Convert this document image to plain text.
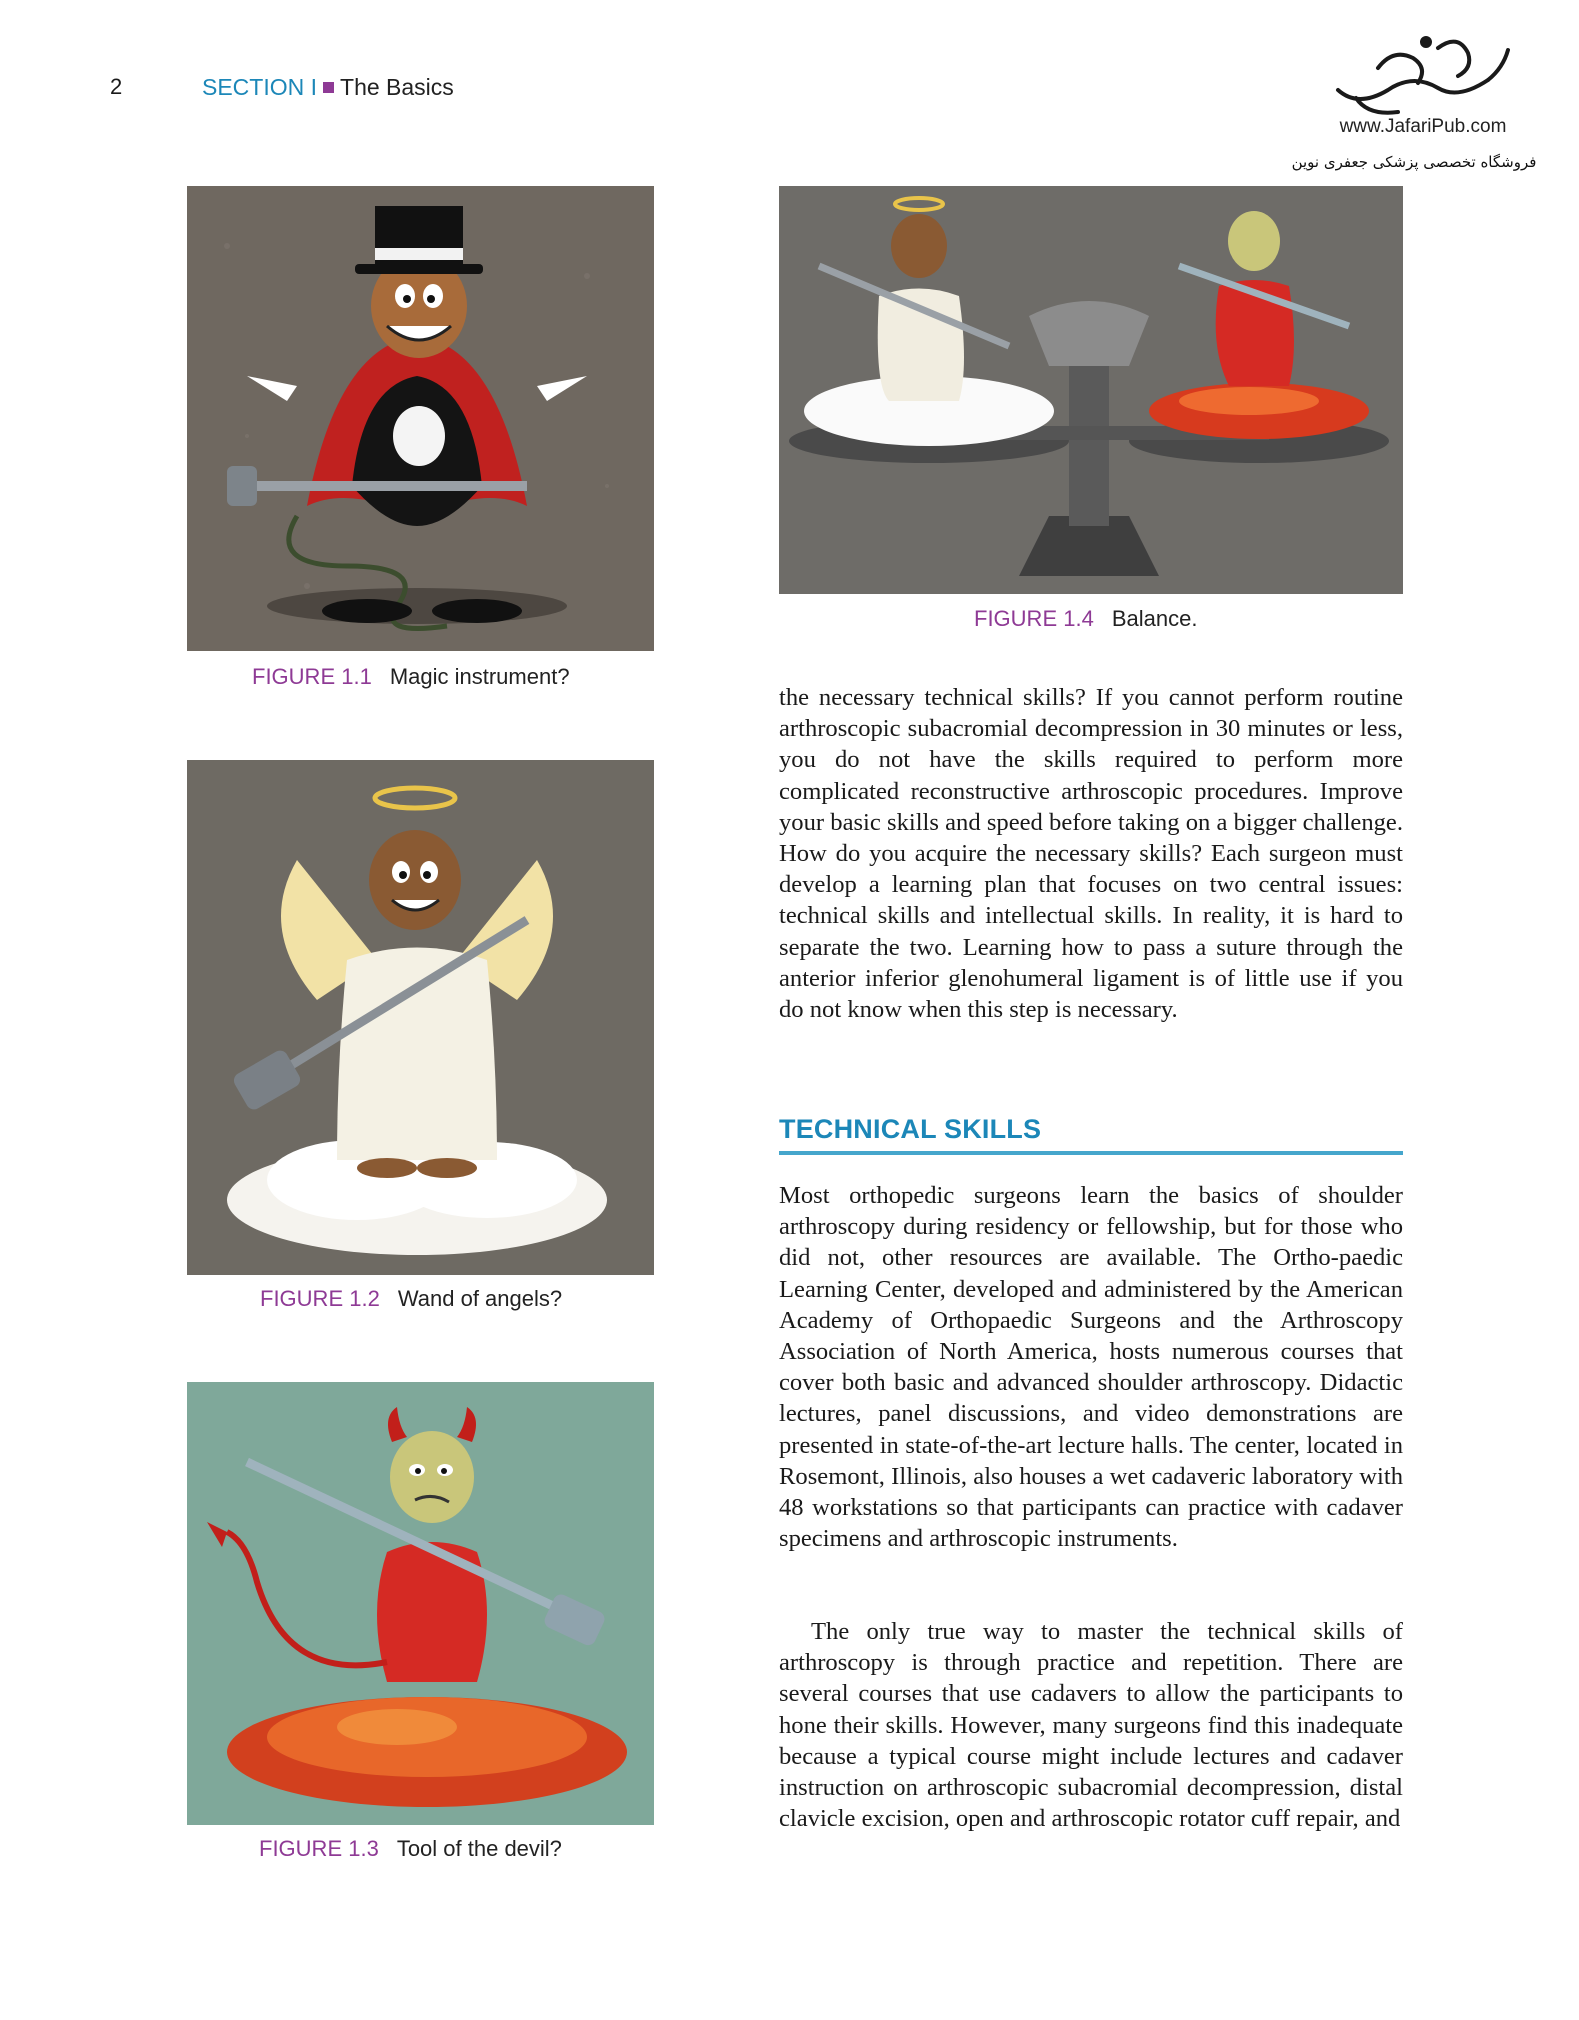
2	SECTION I The Basics
www.JafariPub.com
فروشگاه تخصصی پزشکی جعفری نوین
FIGURE 1.1 Magic instrument?
FIGURE 1.2 Wand of angels?
FIGURE 1.3 Tool of the devil?
FIGURE 1.4 Balance.

the necessary technical skills? If you cannot perform routine arthroscopic subacromial decompression in 30 minutes or less, you do not have the skills required to perform more complicated reconstructive arthroscopic procedures. Improve your basic skills and speed before taking on a bigger challenge. How do you acquire the necessary skills? Each surgeon must develop a learning plan that focuses on two central issues: technical skills and intellectual skills. In reality, it is hard to separate the two. Learning how to pass a suture through the anterior inferior glenohumeral ligament is of little use if you do not know when this step is necessary.

TECHNICAL SKILLS

Most orthopedic surgeons learn the basics of shoulder arthroscopy during residency or fellowship, but for those who did not, other resources are available. The Ortho-paedic Learning Center, developed and administered by the American Academy of Orthopaedic Surgeons and the Arthroscopy Association of North America, hosts numerous courses that cover both basic and advanced shoulder arthroscopy. Didactic lectures, panel discussions, and video demonstrations are presented in state-of-the-art lecture halls. The center, located in Rosemont, Illinois, also houses a wet cadaveric laboratory with 48 workstations so that participants can practice with cadaver specimens and arthroscopic instruments.

The only true way to master the technical skills of arthroscopy is through practice and repetition. There are several courses that use cadavers to allow the participants to hone their skills. However, many surgeons find this inadequate because a typical course might include lectures and cadaver instruction on arthroscopic subacromial decompression, distal clavicle excision, open and arthroscopic rotator cuff repair, and
